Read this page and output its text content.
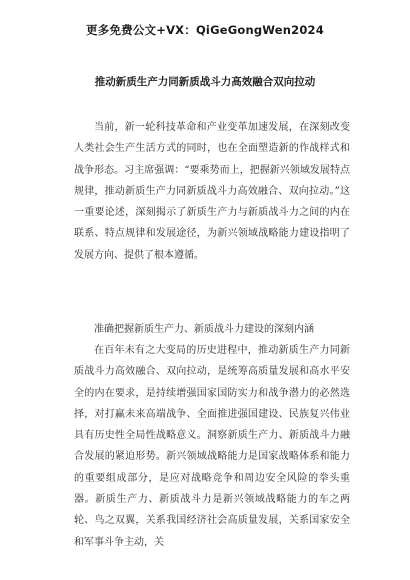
更多免费公文+VX：QiGeGongWen2024
推动新质生产力同新质战斗力高效融合双向拉动

当前，新一轮科技革命和产业变革加速发展，在深刻改变人类社会生产生活方式的同时，也在全面塑造新的作战样式和战争形态。习主席强调：“要乘势而上，把握新兴领域发展特点规律，推动新质生产力同新质战斗力高效融合、双向拉动。”这一重要论述，深刻揭示了新质生产力与新质战斗力之间的内在联系、特点规律和发展途径，为新兴领域战略能力建设指明了发展方向、提供了根本遵循。

准确把握新质生产力、新质战斗力建设的深刻内涵

在百年未有之大变局的历史进程中，推动新质生产力同新质战斗力高效融合、双向拉动，是统筹高质量发展和高水平安全的内在要求，是持续增强国家国防实力和战争潜力的必然选择，对打赢未来高端战争、全面推进强国建设、民族复兴伟业具有历史性全局性战略意义。洞察新质生产力、新质战斗力融合发展的紧迫形势。新兴领域战略能力是国家战略体系和能力的重要组成部分，是应对战略竞争和周边安全风险的拳头重器。新质生产力、新质战斗力是新兴领域战略能力的车之两轮、鸟之双翼，关系我国经济社会高质量发展，关系国家安全和军事斗争主动，关
